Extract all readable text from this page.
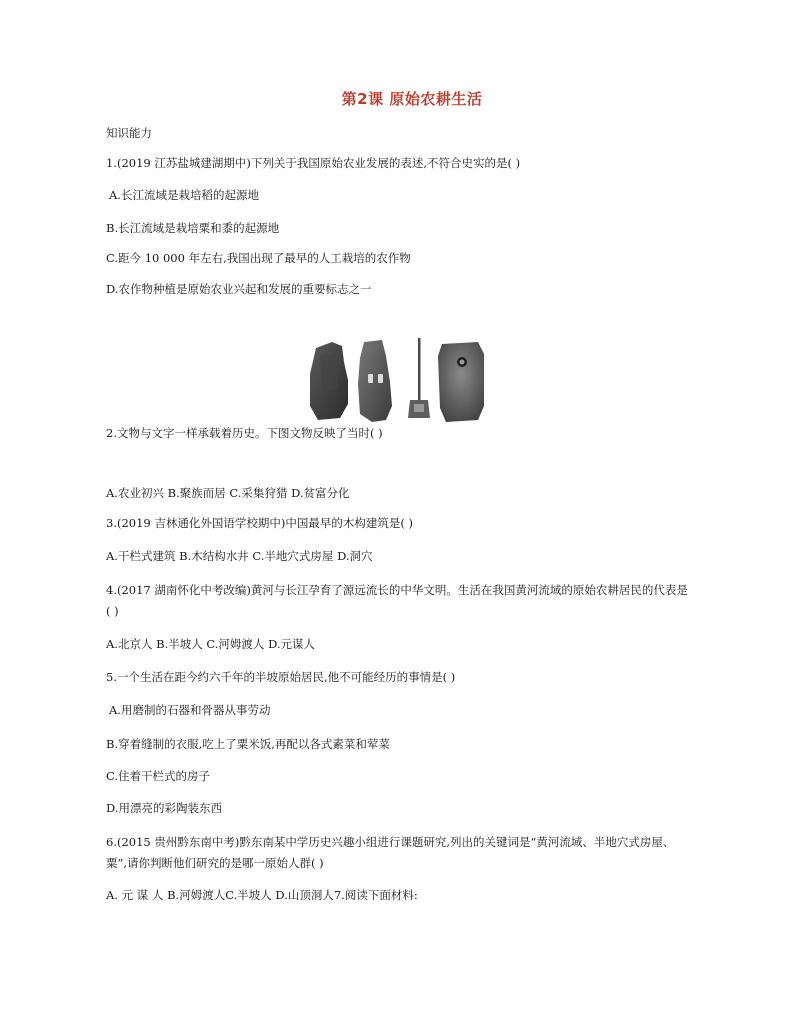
第2课 原始农耕生活
知识能力
1.(2019 江苏盐城建湖期中)下列关于我国原始农业发展的表述,不符合史实的是( )
A.长江流域是栽培稻的起源地
B.长江流域是栽培粟和黍的起源地
C.距今 10 000 年左右,我国出现了最早的人工栽培的农作物
D.农作物种植是原始农业兴起和发展的重要标志之一
2.文物与文字一样承载着历史。下图文物反映了当时( )
A.农业初兴 B.聚族而居 C.采集狩猎 D.贫富分化
3.(2019 吉林通化外国语学校期中)中国最早的木构建筑是( )
A.干栏式建筑 B.木结构水井 C.半地穴式房屋 D.洞穴
4.(2017 湖南怀化中考改编)黄河与长江孕育了源远流长的中华文明。生活在我国黄河流域的原始农耕居民的代表是
( )
A.北京人 B.半坡人 C.河姆渡人 D.元谋人
5.一个生活在距今约六千年的半坡原始居民,他不可能经历的事情是( )
A.用磨制的石器和骨器从事劳动
B.穿着缝制的衣服,吃上了粟米饭,再配以各式素菜和荤菜
C.住着干栏式的房子
D.用漂亮的彩陶装东西
6.(2015 贵州黔东南中考)黔东南某中学历史兴趣小组进行课题研究,列出的关键词是“黄河流域、半地穴式房屋、
粟”,请你判断他们研究的是哪一原始人群( )
A. 元 谋 人 B.河姆渡人C.半坡人 D.山顶洞人7.阅读下面材料:
